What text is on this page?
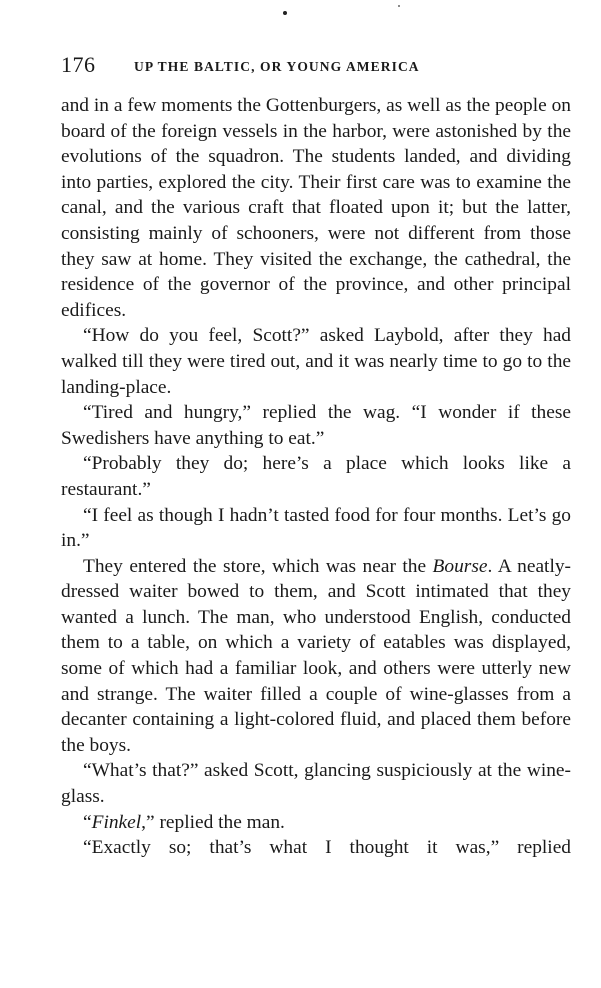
176	UP THE BALTIC, OR YOUNG AMERICA

and in a few moments the Gottenburgers, as well as the people on board of the foreign vessels in the harbor, were astonished by the evolutions of the squadron. The students landed, and dividing into parties, explored the city. Their first care was to examine the canal, and the various craft that floated upon it; but the latter, consisting mainly of schooners, were not different from those they saw at home. They visited the exchange, the cathedral, the residence of the governor of the province, and other principal edifices.

“How do you feel, Scott?” asked Laybold, after they had walked till they were tired out, and it was nearly time to go to the landing-place.

“Tired and hungry,” replied the wag. “I wonder if these Swedishers have anything to eat.”

“Probably they do; here’s a place which looks like a restaurant.”

“I feel as though I hadn’t tasted food for four months. Let’s go in.”

They entered the store, which was near the Bourse. A neatly-dressed waiter bowed to them, and Scott intimated that they wanted a lunch. The man, who understood English, conducted them to a table, on which a variety of eatables was displayed, some of which had a familiar look, and others were utterly new and strange. The waiter filled a couple of wine-glasses from a decanter containing a light-colored fluid, and placed them before the boys.

“What’s that?” asked Scott, glancing suspiciously at the wine-glass.

“Finkel,” replied the man.

“Exactly so; that’s what I thought it was,” replied
